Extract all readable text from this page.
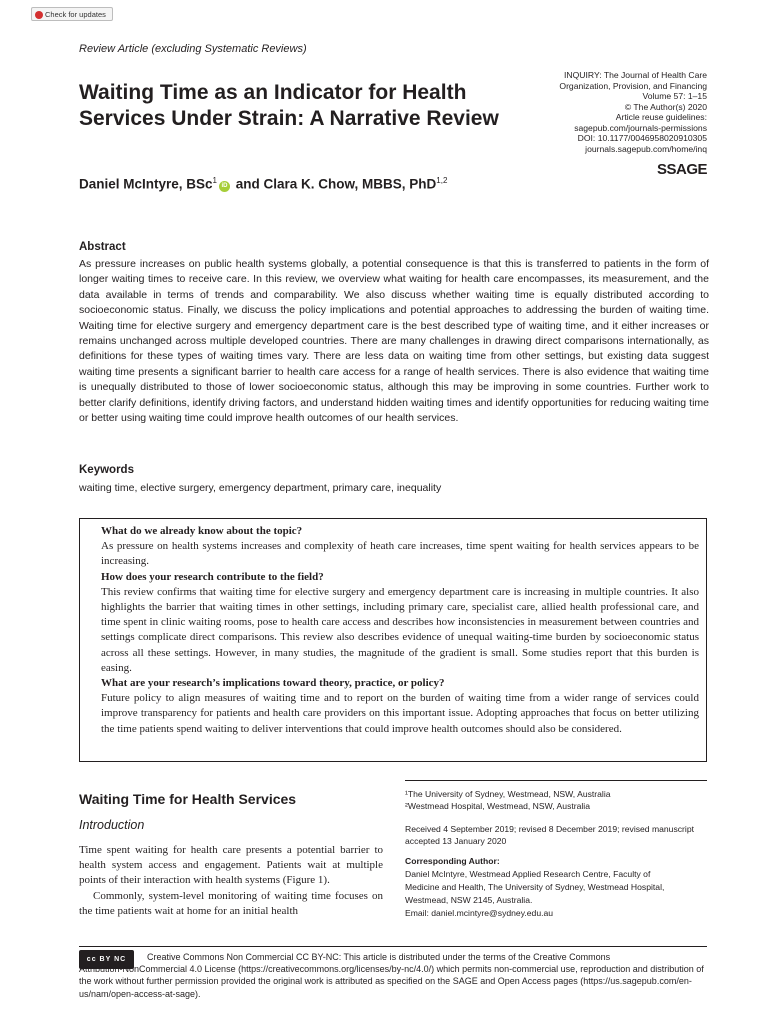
Check for updates
Review Article (excluding Systematic Reviews)
Waiting Time as an Indicator for Health Services Under Strain: A Narrative Review
INQUIRY: The Journal of Health Care
Organization, Provision, and Financing
Volume 57: 1–15
© The Author(s) 2020
Article reuse guidelines:
sagepub.com/journals-permissions
DOI: 10.1177/0046958020910305
journals.sagepub.com/home/inq
SSAGE
Daniel McIntyre, BSc$^1$iD and Clara K. Chow, MBBS, PhD$^{1,2}$
Abstract
As pressure increases on public health systems globally, a potential consequence is that this is transferred to patients in the form of longer waiting times to receive care. In this review, we overview what waiting for health care encompasses, its measurement, and the data available in terms of trends and comparability. We also discuss whether waiting time is equally distributed according to socioeconomic status. Finally, we discuss the policy implications and potential approaches to addressing the burden of waiting time. Waiting time for elective surgery and emergency department care is the best described type of waiting time, and it either increases or remains unchanged across multiple developed countries. There are many challenges in drawing direct comparisons internationally, as definitions for these types of waiting times vary. There are less data on waiting time from other settings, but existing data suggest waiting time presents a significant barrier to health care access for a range of health services. There is also evidence that waiting time is unequally distributed to those of lower socioeconomic status, although this may be improving in some countries. Further work to better clarify definitions, identify driving factors, and understand hidden waiting times and identify opportunities for reducing waiting time or better using waiting time could improve health outcomes of our health services.
Keywords
waiting time, elective surgery, emergency department, primary care, inequality
What do we already know about the topic?
As pressure on health systems increases and complexity of heath care increases, time spent waiting for health services appears to be increasing.
How does your research contribute to the field?
This review confirms that waiting time for elective surgery and emergency department care is increasing in multiple countries. It also highlights the barrier that waiting times in other settings, including primary care, specialist care, allied health professional care, and time spent in clinic waiting rooms, pose to health care access and describes how inconsistencies in measurement between countries and settings complicate direct comparisons. This review also describes evidence of unequal waiting-time burden by socioeconomic status across all these settings. However, in many studies, the magnitude of the gradient is small. Some studies report that this burden is easing.
What are your research’s implications toward theory, practice, or policy?
Future policy to align measures of waiting time and to report on the burden of waiting time from a wider range of services could improve transparency for patients and health care providers on this important issue. Adopting approaches that focus on better utilizing the time patients spend waiting to deliver interventions that could improve health outcomes should also be considered.
Waiting Time for Health Services
Introduction

Time spent waiting for health care presents a potential barrier to health system access and engagement. Patients wait at multiple points of their interaction with health systems (Figure 1).

Commonly, system-level monitoring of waiting time focuses on the time patients wait at home for an initial health

¹The University of Sydney, Westmead, NSW, Australia
²Westmead Hospital, Westmead, NSW, Australia
Received 4 September 2019; revised 8 December 2019; revised manuscript accepted 13 January 2020
Corresponding Author:
Daniel McIntyre, Westmead Applied Research Centre, Faculty of
Medicine and Health, The University of Sydney, Westmead Hospital,
Westmead, NSW 2145, Australia.
Email: daniel.mcintyre@sydney.edu.au
cc BY NC	Creative Commons Non Commercial CC BY-NC: This article is distributed under the terms of the Creative Commons
Attribution-NonCommercial 4.0 License (https://creativecommons.org/licenses/by-nc/4.0/) which permits non-commercial use, reproduction and distribution of the work without further permission provided the original work is attributed as specified on the SAGE and Open Access pages (https://us.sagepub.com/en-us/nam/open-access-at-sage).
